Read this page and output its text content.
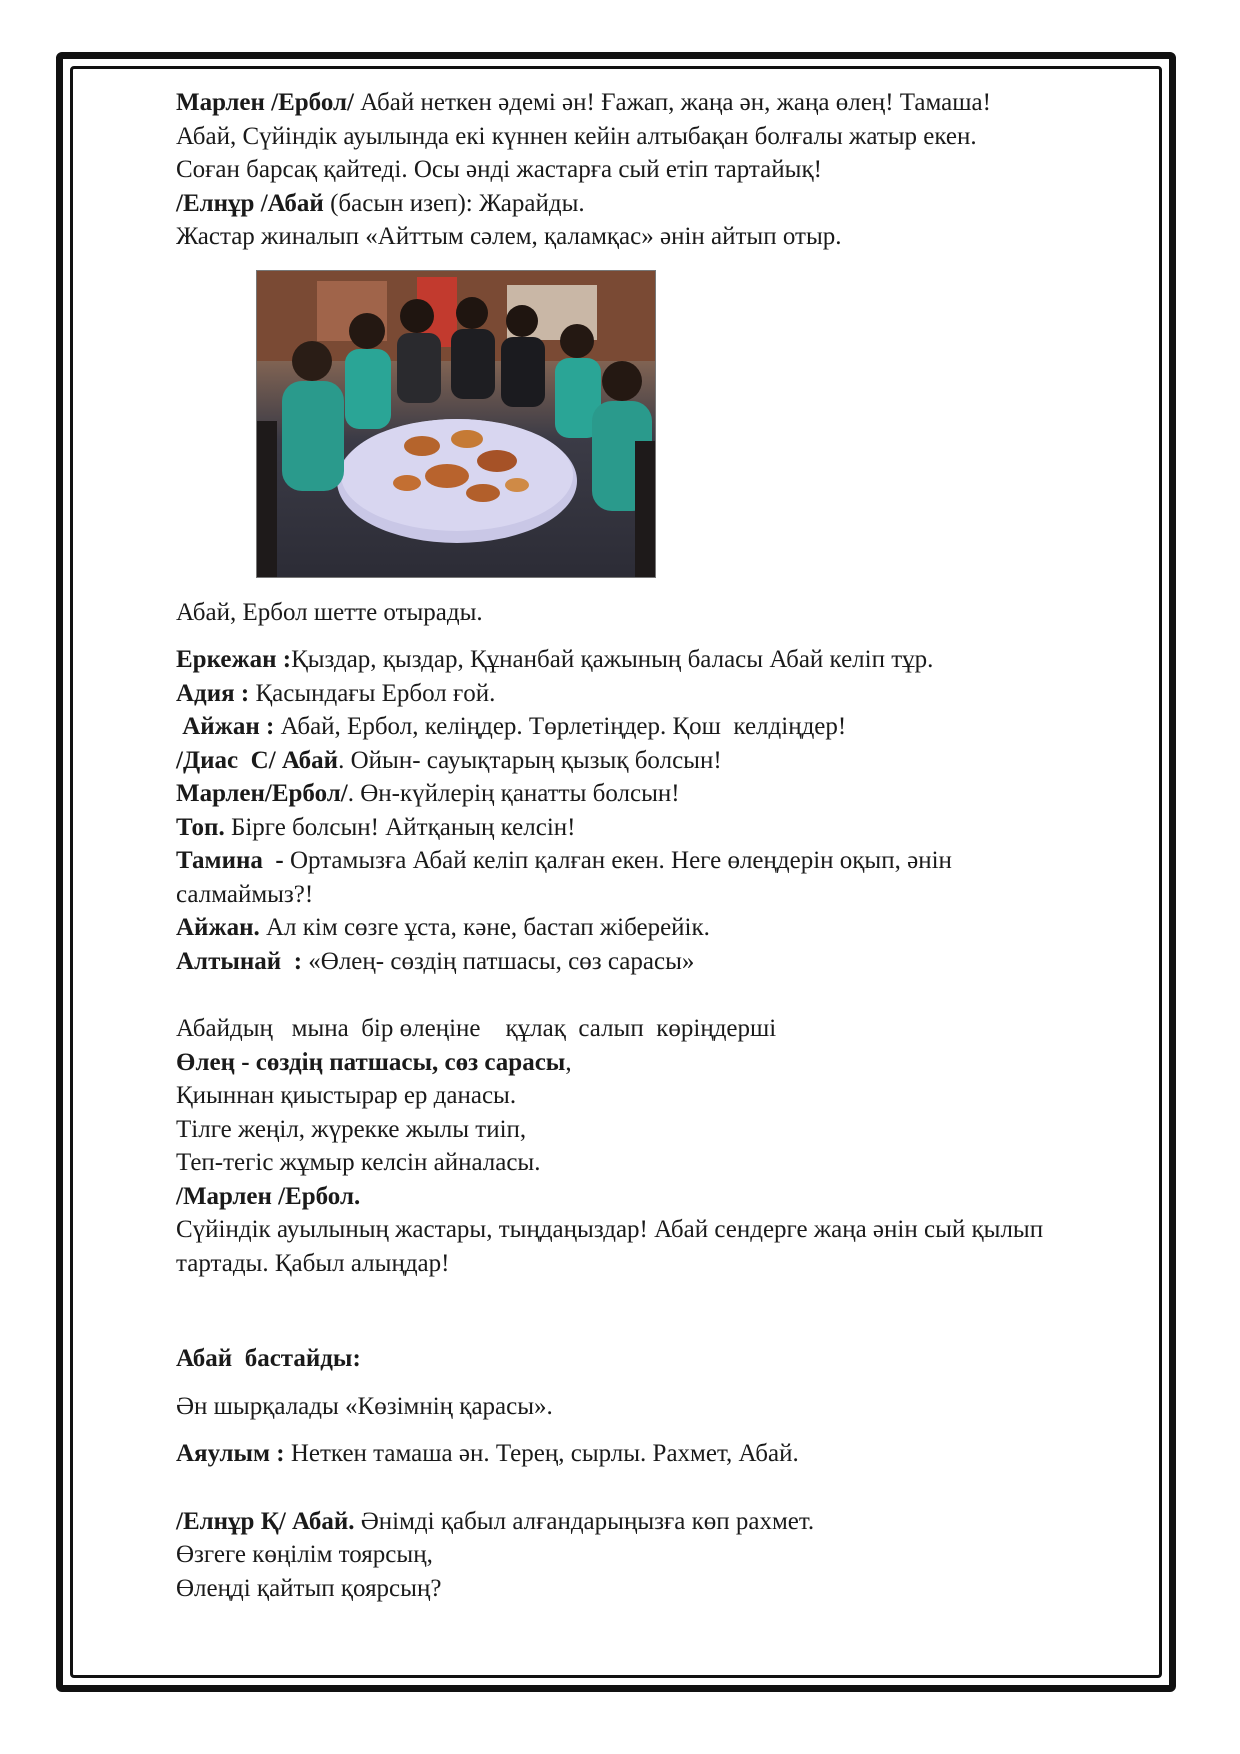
Марлен /Ербол/ Абай неткен әдемі ән! Ғажап, жаңа ән, жаңа өлең! Тамаша!

Абай, Сүйіндік ауылында екі күннен кейін алтыбақан болғалы жатыр екен.

Соған барсақ қайтеді. Осы әнді жастарға сый етіп тартайық!

/Елнұр /Абай (басын изеп): Жарайды.

Жастар жиналып «Айттым сәлем, қаламқас» әнін айтып отыр.

Абай, Ербол шетте отырады.

Еркежан :Қыздар, қыздар, Құнанбай қажының баласы Абай келіп тұр.

Адия : Қасындағы Ербол ғой.

Айжан : Абай, Ербол, келіңдер. Төрлетіңдер. Қош  келдіңдер!

/Диас  С/ Абай. Ойын- сауықтарың қызық болсын!

Марлен/Ербол/. Өн-күйлерің қанатты болсын!

Топ. Бірге болсын! Айтқаның келсін!

Тамина  - Ортамызға Абай келіп қалған екен. Неге өлеңдерін оқып, әнін салмаймыз?!

Айжан. Ал кім сөзге ұста, кәне, бастап жіберейік.

Алтынай  : «Өлең- сөздің патшасы, сөз сарасы»

Абайдың   мына  бір өлеңіне    құлақ  салып  көріңдерші

Өлең - сөздің патшасы, сөз сарасы,

Қиыннан қиыстырар ер данасы.

Тілге жеңіл, жүрекке жылы тиіп,

Теп-тегіс жұмыр келсін айналасы.

/Марлен /Ербол.

Сүйіндік ауылының жастары, тыңдаңыздар! Абай сендерге жаңа әнін сый қылып тартады. Қабыл алыңдар!

Абай  бастайды:

Ән шырқалады «Көзімнің қарасы».

Аяулым : Неткен тамаша ән. Терең, сырлы. Рахмет, Абай.

/Елнұр Қ/ Абай. Әнімді қабыл алғандарыңызға көп рахмет.

Өзгеге көңілім тоярсың,

Өлеңді қайтып қоярсың?
